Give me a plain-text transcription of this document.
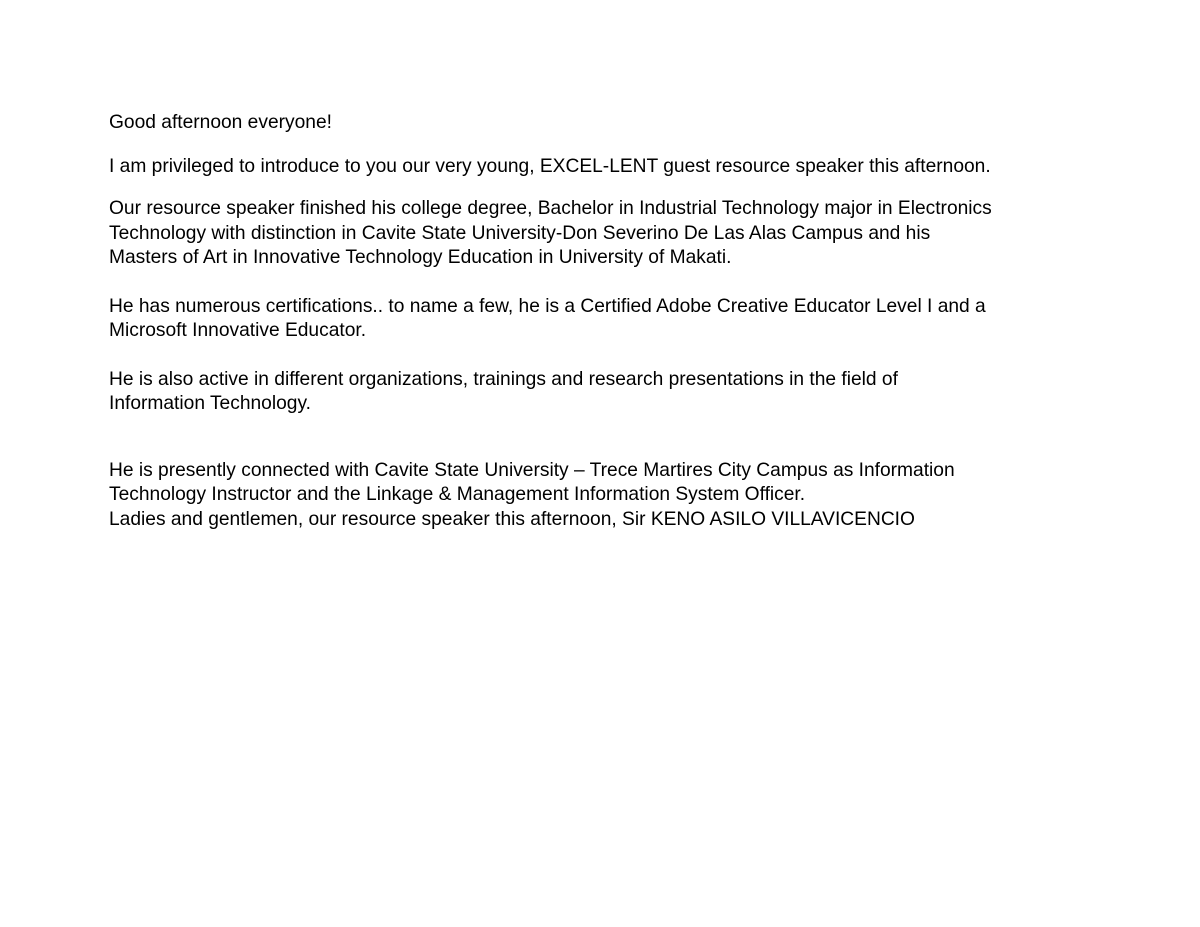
Good afternoon everyone!

I am privileged to introduce to you our very young, EXCEL-LENT guest resource speaker this afternoon.

Our resource speaker finished his college degree, Bachelor in Industrial Technology major in Electronics
Technology with distinction in Cavite State University-Don Severino De Las Alas Campus and his
Masters of Art in Innovative Technology Education in University of Makati.

He has numerous certifications.. to name a few, he is a Certified Adobe Creative Educator Level I and a
Microsoft Innovative Educator.

He is also active in different organizations, trainings and research presentations in the field of
Information Technology.

He is presently connected with Cavite State University – Trece Martires City Campus as Information
Technology Instructor and the Linkage & Management Information System Officer.
Ladies and gentlemen, our resource speaker this afternoon, Sir KENO ASILO VILLAVICENCIO
